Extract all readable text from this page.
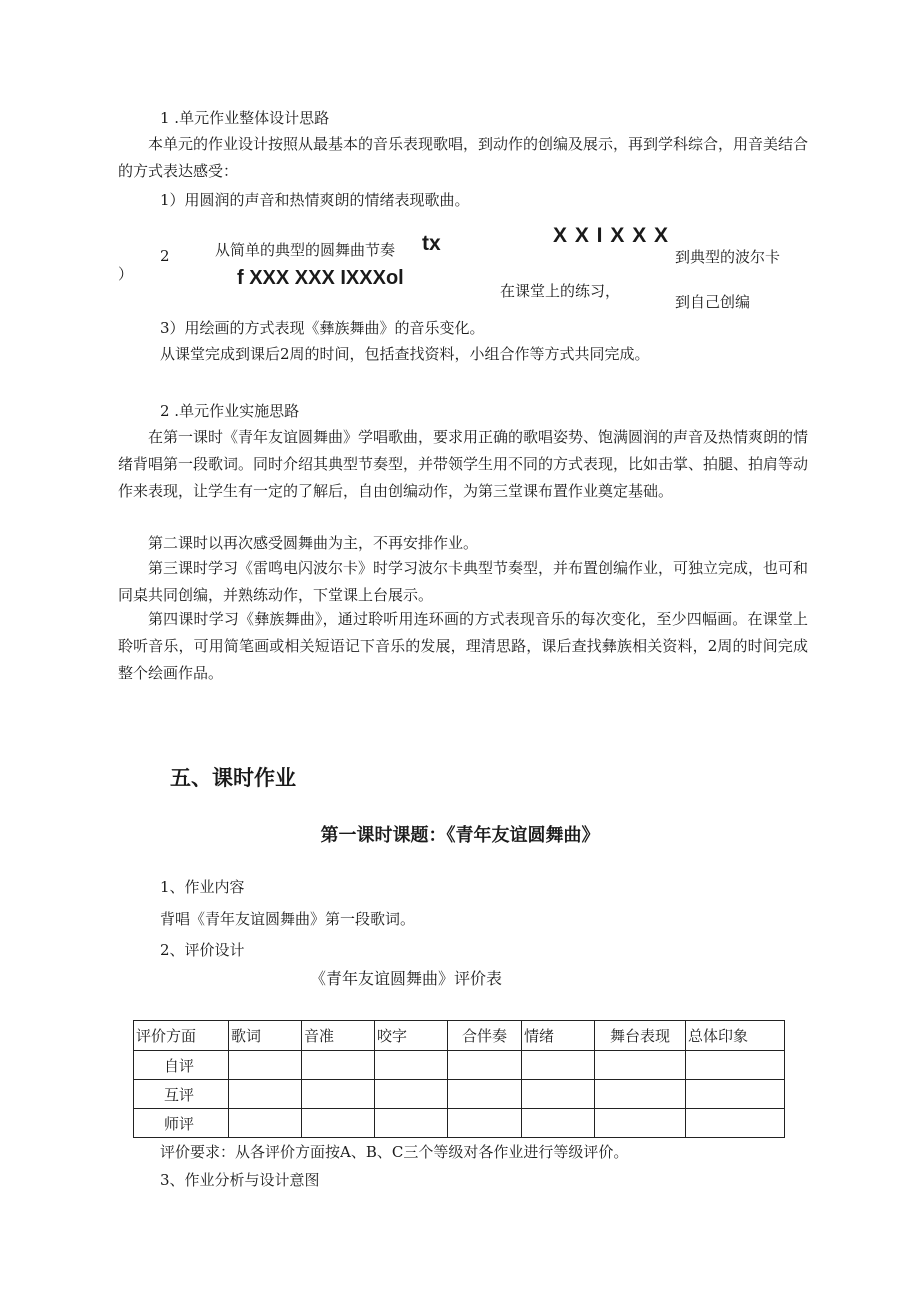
1 .单元作业整体设计思路
本单元的作业设计按照从最基本的音乐表现歌唱，到动作的创编及展示，再到学科综合，用音美结合的方式表达感受：
1）用圆润的声音和热情爽朗的情绪表现歌曲。
2
）
从简单的典型的圆舞曲节奏 tx	X X I X X X
到典型的波尔卡
f XXX XXX IXXXol
在课堂上的练习，
到自己创编
3）用绘画的方式表现《彝族舞曲》的音乐变化。
从课堂完成到课后2周的时间，包括查找资料，小组合作等方式共同完成。
2 .单元作业实施思路
在第一课时《青年友谊圆舞曲》学唱歌曲，要求用正确的歌唱姿势、饱满圆润的声音及热情爽朗的情绪背唱第一段歌词。同时介绍其典型节奏型，并带领学生用不同的方式表现，比如击掌、拍腿、拍肩等动作来表现，让学生有一定的了解后，自由创编动作，为第三堂课布置作业奠定基础。
第二课时以再次感受圆舞曲为主，不再安排作业。
第三课时学习《雷鸣电闪波尔卡》时学习波尔卡典型节奏型，并布置创编作业，可独立完成，也可和同桌共同创编，并熟练动作，下堂课上台展示。
第四课时学习《彝族舞曲》，通过聆听用连环画的方式表现音乐的每次变化，至少四幅画。在课堂上聆听音乐，可用简笔画或相关短语记下音乐的发展，理清思路，课后查找彝族相关资料，2周的时间完成整个绘画作品。
五、课时作业
第一课时课题：《青年友谊圆舞曲》
1、作业内容
背唱《青年友谊圆舞曲》第一段歌词。
2、评价设计
《青年友谊圆舞曲》评价表
评价方面	歌词	音准	咬字	合伴奏	情绪	舞台表现	总体印象
自评							
互评							
师评							
评价要求：从各评价方面按A、B、C三个等级对各作业进行等级评价。
3、作业分析与设计意图
